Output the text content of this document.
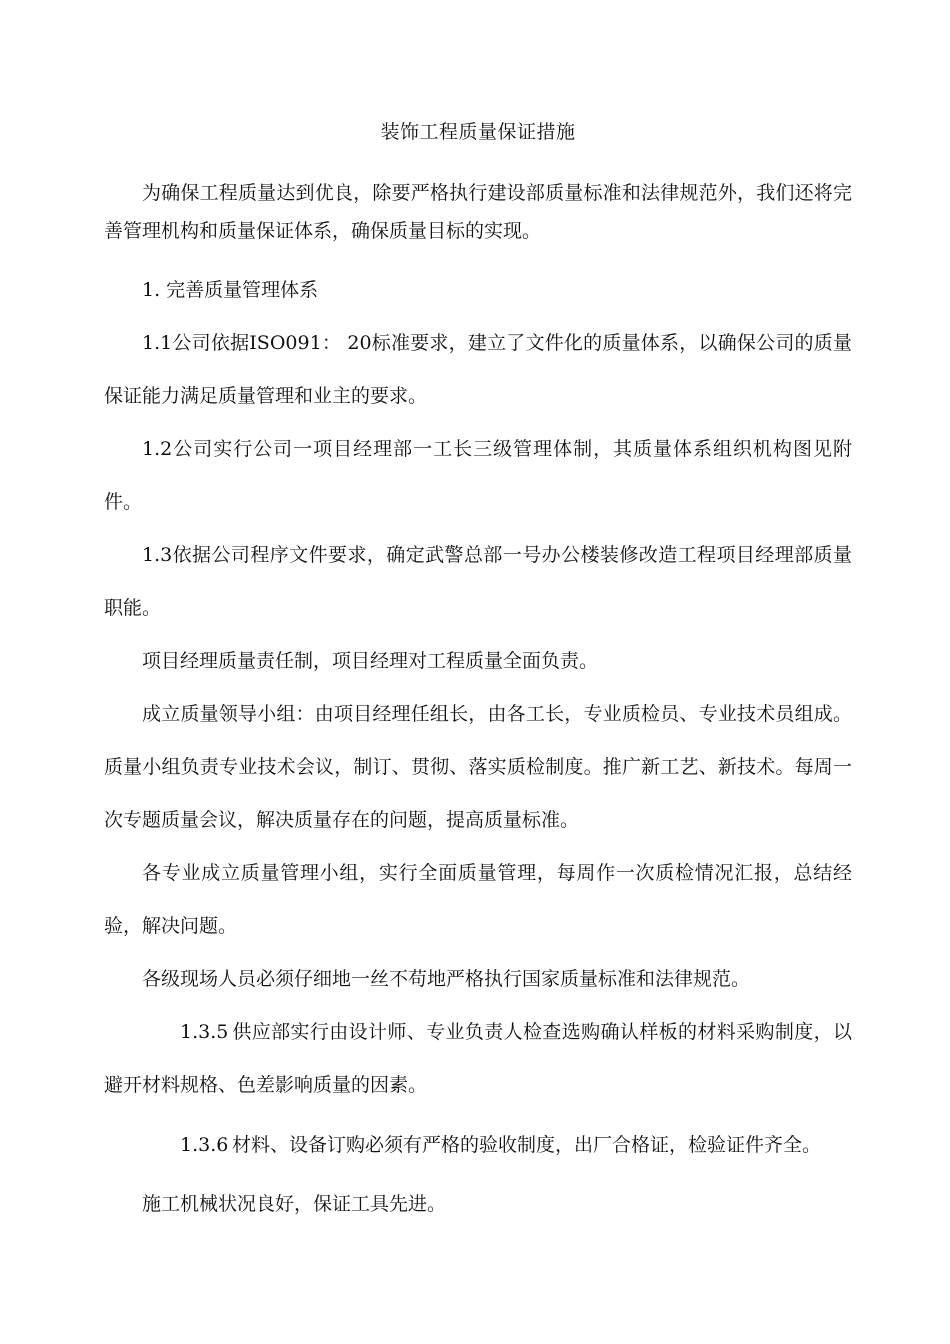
装饰工程质量保证措施

为确保工程质量达到优良，除要严格执行建设部质量标准和法律规范外，我们还将完善管理机构和质量保证体系，确保质量目标的实现。

1. 完善质量管理体系

1.1公司依据ISO091： 20标准要求，建立了文件化的质量体系，以确保公司的质量保证能力满足质量管理和业主的要求。

1.2公司实行公司一项目经理部一工长三级管理体制，其质量体系组织机构图见附件。

1.3依据公司程序文件要求，确定武警总部一号办公楼装修改造工程项目经理部质量职能。

项目经理质量责任制，项目经理对工程质量全面负责。

成立质量领导小组：由项目经理任组长，由各工长，专业质检员、专业技术员组成。质量小组负责专业技术会议，制订、贯彻、落实质检制度。推广新工艺、新技术。每周一次专题质量会议，解决质量存在的问题，提高质量标准。

各专业成立质量管理小组，实行全面质量管理，每周作一次质检情况汇报，总结经验，解决问题。

各级现场人员必须仔细地一丝不苟地严格执行国家质量标准和法律规范。

1.3.5 供应部实行由设计师、专业负责人检查选购确认样板的材料采购制度，以避开材料规格、色差影响质量的因素。

1.3.6 材料、设备订购必须有严格的验收制度，出厂合格证，检验证件齐全。

施工机械状况良好，保证工具先进。
